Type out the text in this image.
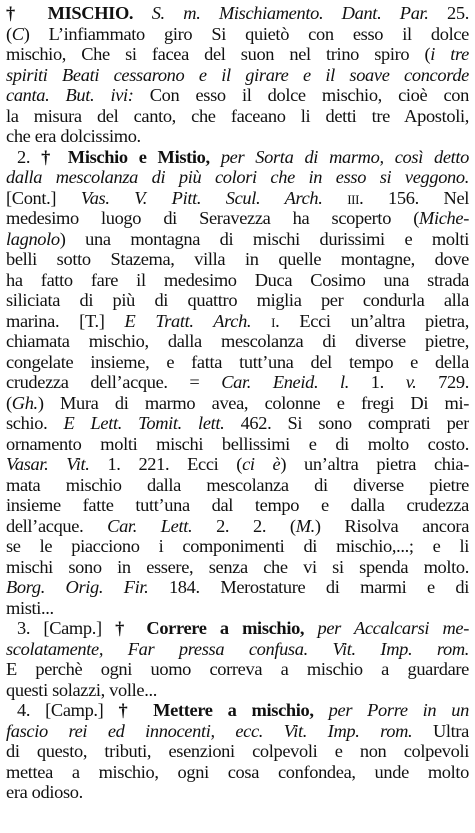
† MISCHIO. S. m. Mischiamento. Dant. Par. 25.
(C) L’infiammato giro Si quietò con esso il dolce
mischio, Che si facea del suon nel trino spiro (i tre
spiriti Beati cessarono e il girare e il soave concorde
canta. But. ivi: Con esso il dolce mischio, cioè con
la misura del canto, che faceano li detti tre Apostoli,
che era dolcissimo.
2. † Mischio e Mistio, per Sorta di marmo, così detto
dalla mescolanza di più colori che in esso si veggono.
[Cont.] Vas. V. Pitt. Scul. Arch. iii. 156. Nel
medesimo luogo di Seravezza ha scoperto (Miche-
lagnolo) una montagna di mischi durissimi e molti
belli sotto Stazema, villa in quelle montagne, dove
ha fatto fare il medesimo Duca Cosimo una strada
siliciata di più di quattro miglia per condurla alla
marina. [T.] E Tratt. Arch. i. Ecci un’altra pietra,
chiamata mischio, dalla mescolanza di diverse pietre,
congelate insieme, e fatta tutt’una del tempo e della
crudezza dell’acque. = Car. Eneid. l. 1. v. 729.
(Gh.) Mura di marmo avea, colonne e fregi Di mi-
schio. E Lett. Tomit. lett. 462. Si sono comprati per
ornamento molti mischi bellissimi e di molto costo.
Vasar. Vit. 1. 221. Ecci (ci è) un’altra pietra chia-
mata mischio dalla mescolanza di diverse pietre
insieme fatte tutt’una dal tempo e dalla crudezza
dell’acque. Car. Lett. 2. 2. (M.) Risolva ancora
se le piacciono i componimenti di mischio,...; e li
mischi sono in essere, senza che vi si spenda molto.
Borg. Orig. Fir. 184. Merostature di marmi e di
misti...
3. [Camp.] † Correre a mischio, per Accalcarsi me-
scolatamente, Far pressa confusa. Vit. Imp. rom.
E perchè ogni uomo correva a mischio a guardare
questi solazzi, volle...
4. [Camp.] † Mettere a mischio, per Porre in un
fascio rei ed innocenti, ecc. Vit. Imp. rom. Ultra
di questo, tributi, esenzioni colpevoli e non colpevoli
mettea a mischio, ogni cosa confondea, unde molto
era odioso.
